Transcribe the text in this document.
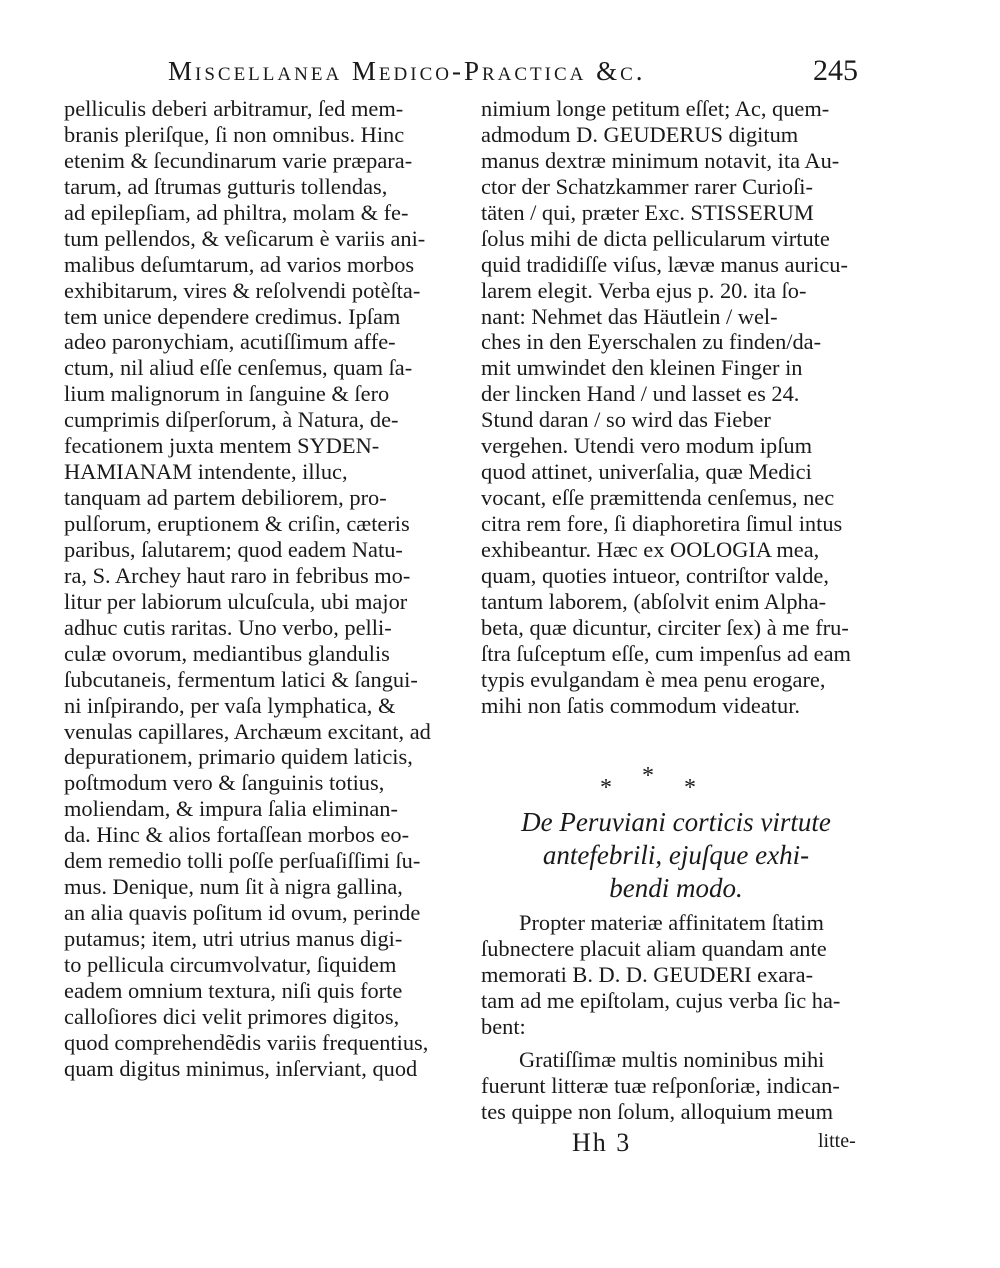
Miscellanea Medico-Practica &c.	245
pelliculis deberi arbitramur, ſed mem-
branis pleriſque, ſi non omnibus. Hinc
etenim & ſecundinarum varie præpara-
tarum, ad ſtrumas gutturis tollendas,
ad epilepſiam, ad philtra, molam & fe-
tum pellendos, & veſicarum è variis ani-
malibus deſumtarum, ad varios morbos
exhibitarum, vires & reſolvendi potèſta-
tem unice dependere credimus. Ipſam
adeo paronychiam, acutiſſimum affe-
ctum, nil aliud eſſe cenſemus, quam ſa-
lium malignorum in ſanguine & ſero
cumprimis diſperſorum, à Natura, de-
fecationem juxta mentem SYDEN-
HAMIANAM intendente, illuc,
tanquam ad partem debiliorem, pro-
pulſorum, eruptionem & criſin, cæteris
paribus, ſalutarem; quod eadem Natu-
ra, S. Archey haut raro in febribus mo-
litur per labiorum ulcuſcula, ubi major
adhuc cutis raritas. Uno verbo, pelli-
culæ ovorum, mediantibus glandulis
ſubcutaneis, fermentum latici & ſangui-
ni inſpirando, per vaſa lymphatica, &
venulas capillares, Archæum excitant, ad
depurationem, primario quidem laticis,
poſtmodum vero & ſanguinis totius,
moliendam, & impura ſalia eliminan-
da. Hinc & alios fortaſſean morbos eo-
dem remedio tolli poſſe perſuaſiſſimi ſu-
mus. Denique, num ſit à nigra gallina,
an alia quavis poſitum id ovum, perinde
putamus; item, utri utrius manus digi-
to pellicula circumvolvatur, ſiquidem
eadem omnium textura, niſi quis forte
calloſiores dici velit primores digitos,
quod comprehendẽdis variis frequentius,
quam digitus minimus, inſerviant, quod
nimium longe petitum eſſet; Ac, quem-
admodum D. GEUDERUS digitum
manus dextræ minimum notavit, ita Au-
ctor der Schatzkammer rarer Curioſi-
täten / qui, præter Exc. STISSERUM
ſolus mihi de dicta pellicularum virtute
quid tradidiſſe viſus, lævæ manus auricu-
larem elegit. Verba ejus p. 20. ita ſo-
nant: Nehmet das Häutlein / wel-
ches in den Eyerschalen zu finden/da-
mit umwindet den kleinen Finger in
der lincken Hand / und lasset es 24.
Stund daran / so wird das Fieber
vergehen. Utendi vero modum ipſum
quod attinet, univerſalia, quæ Medici
vocant, eſſe præmittenda cenſemus, nec
citra rem fore, ſi diaphoretira ſimul intus
exhibeantur. Hæc ex OOLOGIA mea,
quam, quoties intueor, contriſtor valde,
tantum laborem, (abſolvit enim Alpha-
beta, quæ dicuntur, circiter ſex) à me fru-
ſtra ſuſceptum eſſe, cum impenſus ad eam
typis evulgandam è mea penu erogare,
mihi non ſatis commodum videatur.
* * *
De Peruviani corticis virtute
antefebrili, ejuſque exhi-
bendi modo.
Propter materiæ affinitatem ſtatim
ſubnectere placuit aliam quandam ante
memorati B. D. D. GEUDERI exara-
tam ad me epiſtolam, cujus verba ſic ha-
bent:
Gratiſſimæ multis nominibus mihi
fuerunt litteræ tuæ reſponſoriæ, indican-
tes quippe non ſolum, alloquium meum
Hh 3	litte-
